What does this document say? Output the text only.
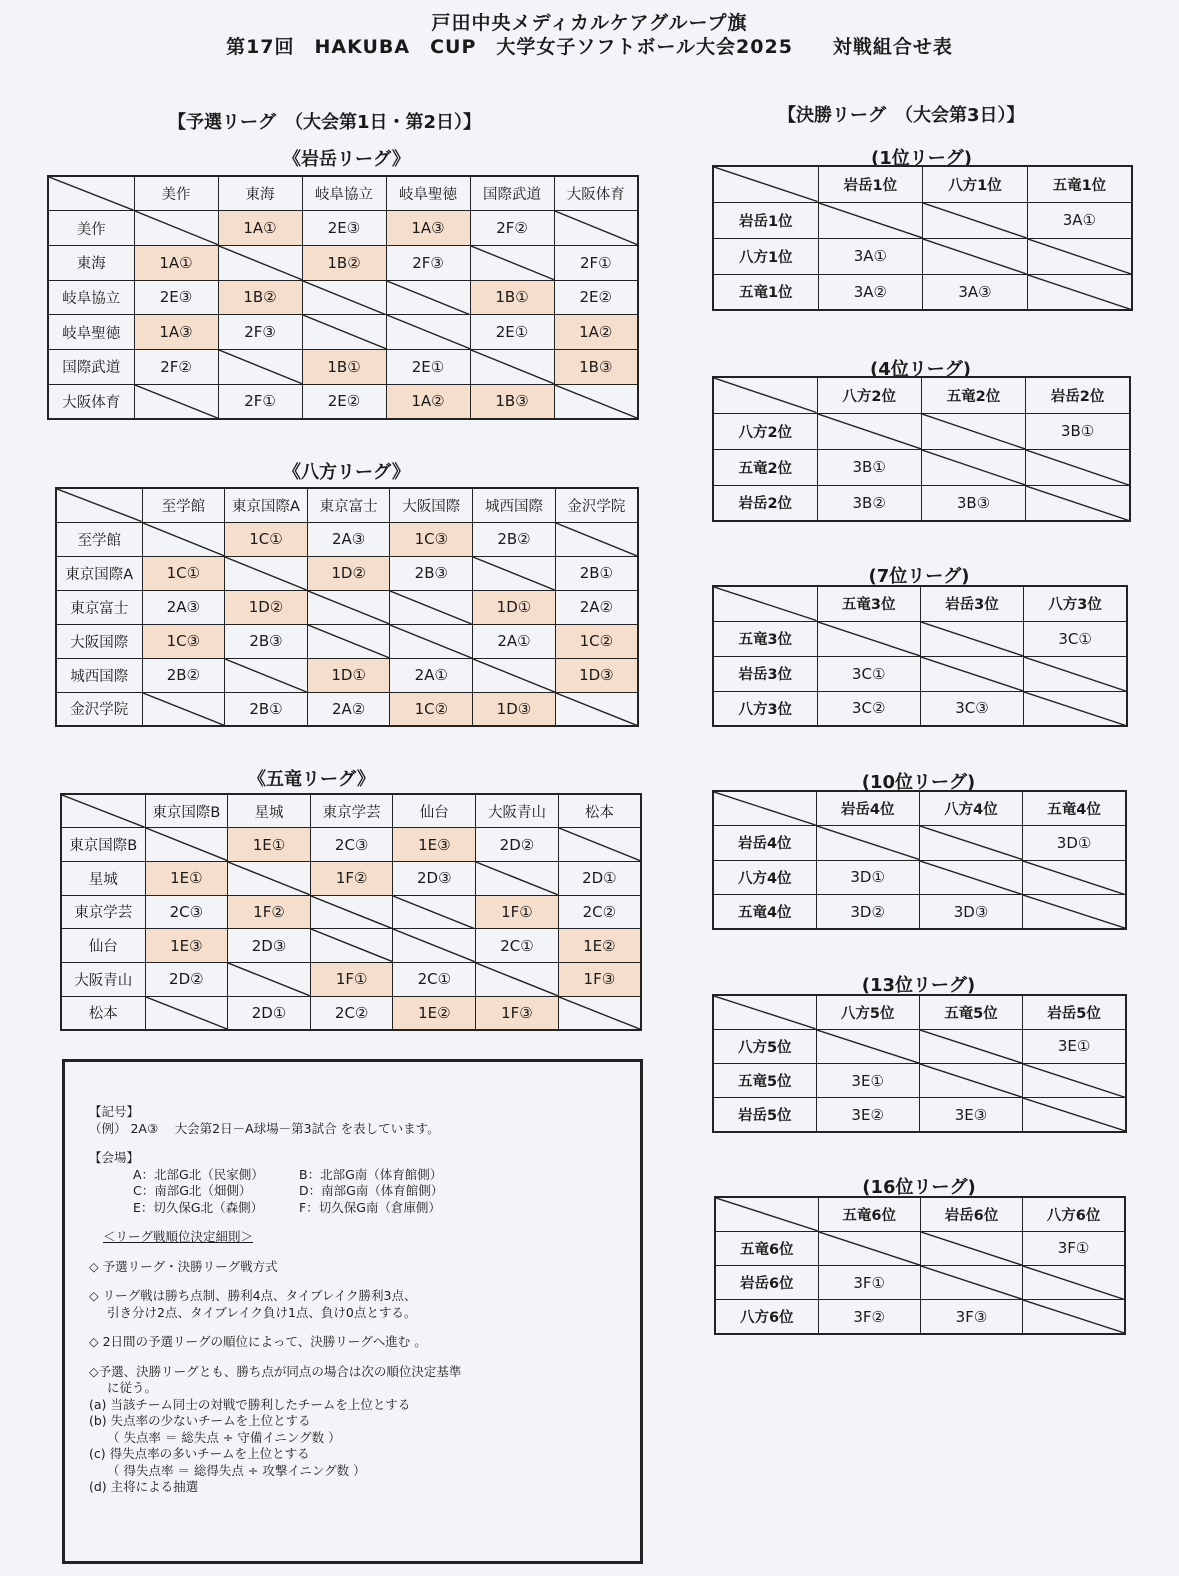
戸田中央メディカルケアグループ旗
第17回　HAKUBA　CUP　大学女子ソフトボール大会2025 対戦組合せ表
【予選リーグ　（大会第1日・第2日）】	【決勝リーグ　（大会第3日）】
《岩岳リーグ》
	美作	東海	岐阜協立	岐阜聖徳	国際武道	大阪体育
美作		1A①	2E③	1A③	2F②	

東海	1A①		1B②	2F③		2F①
岐阜協立	2E③	1B②			1B①	2E②
岐阜聖徳	1A③	2F③			2E①	1A②
国際武道	2F②		1B①	2E①		1B③
大阪体育		2F①	2E②	1A②	1B③	
《八方リーグ》
	至学館	東京国際A	東京富士	大阪国際	城西国際	金沢学院
至学館		1C①	2A③	1C③	2B②	

東京国際A	1C①		1D②	2B③		2B①
東京富士	2A③	1D②			1D①	2A②
大阪国際	1C③	2B③			2A①	1C②
城西国際	2B②		1D①	2A①		1D③
金沢学院		2B①	2A②	1C②	1D③	
《五竜リーグ》
	東京国際B	星城	東京学芸	仙台	大阪青山	松本
東京国際B		1E①	2C③	1E③	2D②	

星城	1E①		1F②	2D③		2D①
東京学芸	2C③	1F②			1F①	2C②
仙台	1E③	2D③			2C①	1E②
大阪青山	2D②		1F①	2C①		1F③
松本		2D①	2C②	1E②	1F③	
(1位リーグ)
	岩岳1位	八方1位	五竜1位
岩岳1位			3A①
八方1位	3A①	

五竜1位	3A②	3A③	
(4位リーグ)
	八方2位	五竜2位	岩岳2位
八方2位			3B①
五竜2位	3B①	

岩岳2位	3B②	3B③	
(7位リーグ)
	五竜3位	岩岳3位	八方3位
五竜3位			3C①
岩岳3位	3C①	

八方3位	3C②	3C③	
(10位リーグ)
	岩岳4位	八方4位	五竜4位
岩岳4位			3D①
八方4位	3D①	

五竜4位	3D②	3D③	
(13位リーグ)
	八方5位	五竜5位	岩岳5位
八方5位			3E①
五竜5位	3E①	

岩岳5位	3E②	3E③	
(16位リーグ)
	五竜6位	岩岳6位	八方6位
五竜6位			3F①
岩岳6位	3F①	

八方6位	3F②	3F③	
【記号】
（例） 2A③　 大会第2日－A球場－第3試合 を表しています。
【会場】
A：北部G北（民家側）	B：北部G南（体育館側）
C：南部G北（畑側）	D：南部G南（体育館側）
E：切久保G北（森側）	F：切久保G南（倉庫側）
＜リーグ戦順位決定細則＞
◇ 予選リーグ・決勝リーグ戦方式
◇ リーグ戦は勝ち点制、勝利4点、タイブレイク勝利3点、
引き分け2点、タイブレイク負け1点、負け0点とする。
◇ 2日間の予選リーグの順位によって、決勝リーグへ進む 。
◇予選、決勝リーグとも、勝ち点が同点の場合は次の順位決定基準
に従う。
(a) 当該チーム同士の対戦で勝利したチームを上位とする
(b) 失点率の少ないチームを上位とする
（ 失点率 ＝ 総失点 ÷ 守備イニング数 ）
(c) 得失点率の多いチームを上位とする
（ 得失点率 ＝ 総得失点 ÷ 攻撃イニング数 ）
(d) 主将による抽選
